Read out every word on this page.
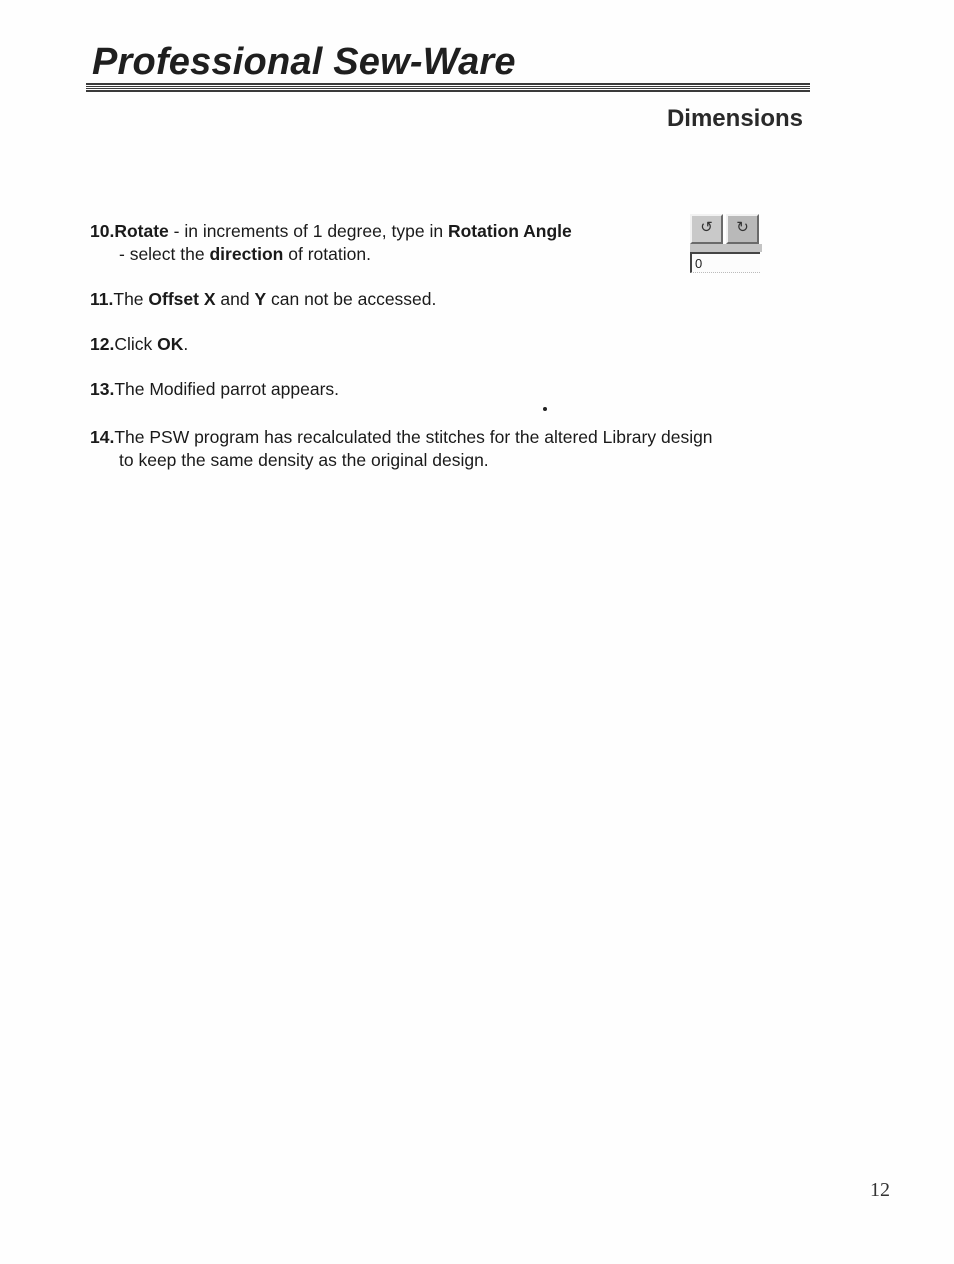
Professional Sew-Ware
Dimensions
10.Rotate - in increments of 1 degree, type in Rotation Angle
- select the direction of rotation.
11.The Offset X and Y can not be accessed.
12.Click OK.
13.The Modified parrot appears.
14.The PSW program has recalculated the stitches for the altered Library design
to keep the same density as the original design.
↺	↻
0
12
